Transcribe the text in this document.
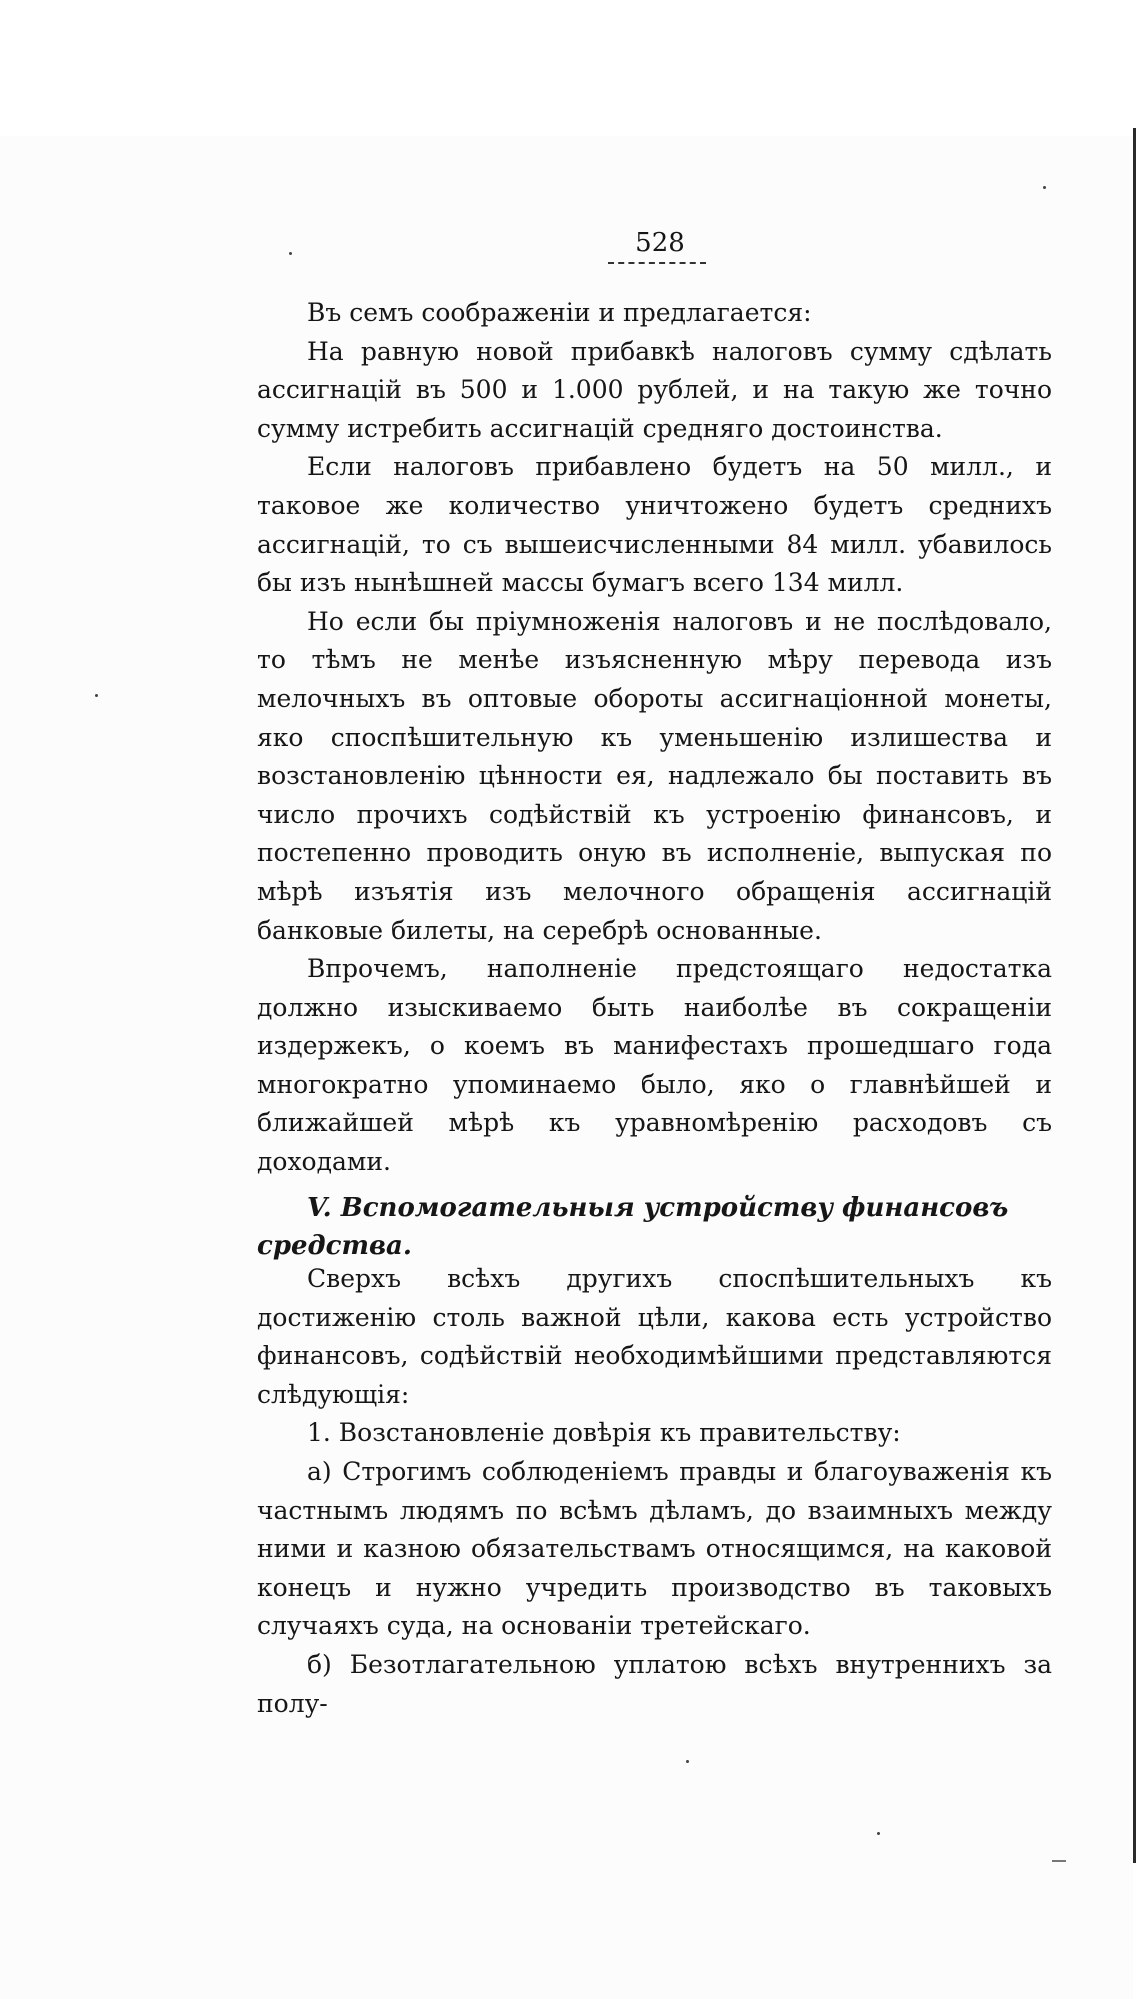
528

Въ семъ соображеніи и предлагается:

На равную новой прибавкѣ налоговъ сумму сдѣлать ассигнацій въ 500 и 1.000 рублей, и на такую же точно сумму истребить ассигнацій средняго достоинства.

Если налоговъ прибавлено будетъ на 50 милл., и таковое же количество уничтожено будетъ среднихъ ассигнацій, то съ вышеисчисленными 84 милл. убавилось бы изъ нынѣшней массы бумагъ всего 134 милл.

Но если бы пріумноженія налоговъ и не послѣдовало, то тѣмъ не менѣе изъясненную мѣру перевода изъ мелочныхъ въ оптовые обороты ассигнаціонной монеты, яко споспѣшительную къ уменьшенію излишества и возстановленію цѣнности ея, надлежало бы поставить въ число прочихъ содѣйствій къ устроенію финансовъ, и постепенно проводить оную въ исполненіе, выпуская по мѣрѣ изъятія изъ мелочного обращенія ассигнацій банковые билеты, на серебрѣ основанные.

Впрочемъ, наполненіе предстоящаго недостатка должно изыскиваемо быть наиболѣе въ сокращеніи издержекъ, о коемъ въ манифестахъ прошедшаго года многократно упоминаемо было, яко о главнѣйшей и ближайшей мѣрѣ къ уравномѣренію расходовъ съ доходами.

V. Вспомогательныя устройству финансовъ средства.

Сверхъ всѣхъ другихъ споспѣшительныхъ къ достиженію столь важной цѣли, какова есть устройство финансовъ, содѣйствій необходимѣйшими представляются слѣдующія:

1. Возстановленіе довѣрія къ правительству:

а) Строгимъ соблюденіемъ правды и благоуваженія къ частнымъ людямъ по всѣмъ дѣламъ, до взаимныхъ между ними и казною обязательствамъ относящимся, на каковой конецъ и нужно учредить производство въ таковыхъ случаяхъ суда, на основаніи третейскаго.

б) Безотлагательною уплатою всѣхъ внутреннихъ за полу-
